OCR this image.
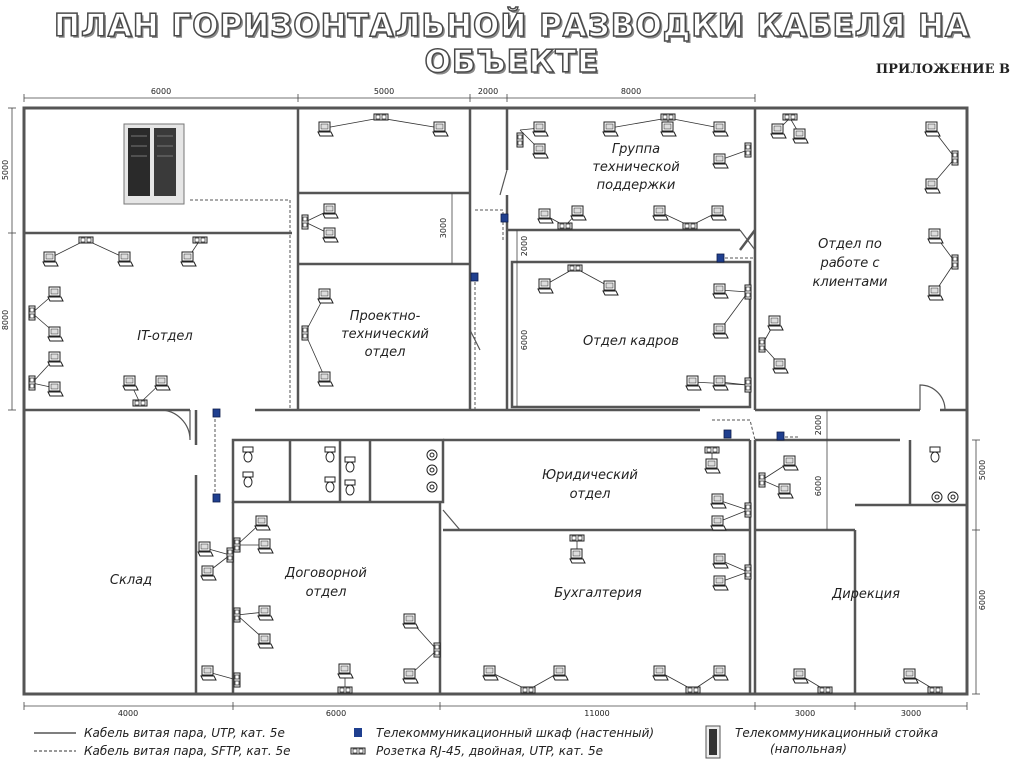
ПЛАН ГОРИЗОНТАЛЬНОЙ РАЗВОДКИ КАБЕЛЯ НА ОБЪЕКТЕ	ПРИЛОЖЕНИЕ В
6000	5000	2000	8000
4000	6000	11000	3000	3000
5000
8000
5000
6000
3000
2000
6000
2000
6000
IT-отдел
Проектно-
технический
отдел
Группа
технической
поддержки
Отдел по
работе с
клиентами
Отдел кадров
Юридический
отдел
Склад	Договорной
отдел	Бухгалтерия	Дирекция
Кабель витая пара, UTP, кат. 5е
Кабель витая пара, SFTP, кат. 5е
Телекоммуникационный шкаф (настенный)
Розетка RJ-45, двойная, UTP, кат. 5е
Телекоммуникационный стойка
(напольная)
